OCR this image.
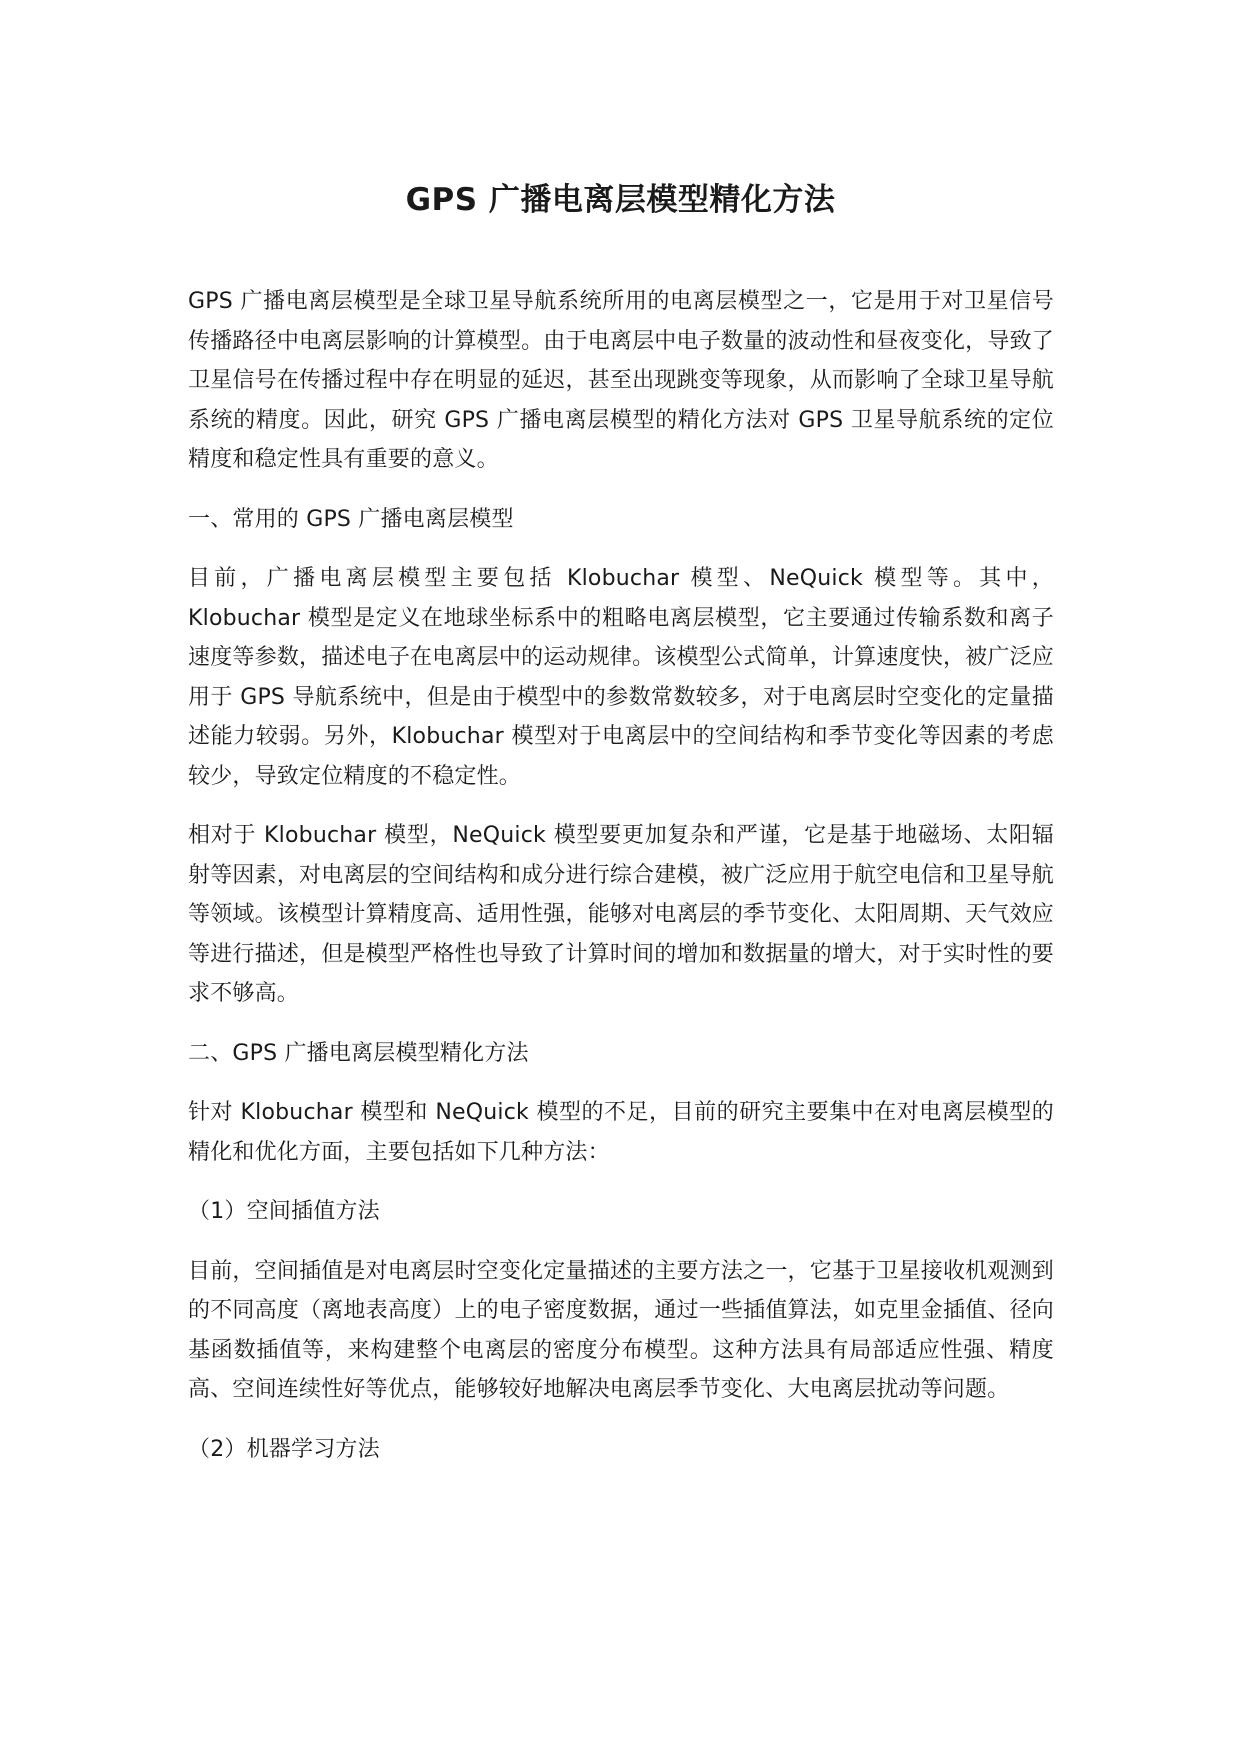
GPS 广播电离层模型精化方法

GPS 广播电离层模型是全球卫星导航系统所用的电离层模型之一，它是用于对卫星信号传播路径中电离层影响的计算模型。由于电离层中电子数量的波动性和昼夜变化，导致了卫星信号在传播过程中存在明显的延迟，甚至出现跳变等现象，从而影响了全球卫星导航系统的精度。因此，研究 GPS 广播电离层模型的精化方法对 GPS 卫星导航系统的定位精度和稳定性具有重要的意义。

一、常用的 GPS 广播电离层模型

目前，广播电离层模型主要包括 Klobuchar 模型、NeQuick 模型等。其中，Klobuchar 模型是定义在地球坐标系中的粗略电离层模型，它主要通过传输系数和离子速度等参数，描述电子在电离层中的运动规律。该模型公式简单，计算速度快，被广泛应用于 GPS 导航系统中，但是由于模型中的参数常数较多，对于电离层时空变化的定量描述能力较弱。另外，Klobuchar 模型对于电离层中的空间结构和季节变化等因素的考虑较少，导致定位精度的不稳定性。

相对于 Klobuchar 模型，NeQuick 模型要更加复杂和严谨，它是基于地磁场、太阳辐射等因素，对电离层的空间结构和成分进行综合建模，被广泛应用于航空电信和卫星导航等领域。该模型计算精度高、适用性强，能够对电离层的季节变化、太阳周期、天气效应等进行描述，但是模型严格性也导致了计算时间的增加和数据量的增大，对于实时性的要求不够高。

二、GPS 广播电离层模型精化方法

针对 Klobuchar 模型和 NeQuick 模型的不足，目前的研究主要集中在对电离层模型的精化和优化方面，主要包括如下几种方法：

（1）空间插值方法

目前，空间插值是对电离层时空变化定量描述的主要方法之一，它基于卫星接收机观测到的不同高度（离地表高度）上的电子密度数据，通过一些插值算法，如克里金插值、径向基函数插值等，来构建整个电离层的密度分布模型。这种方法具有局部适应性强、精度高、空间连续性好等优点，能够较好地解决电离层季节变化、大电离层扰动等问题。

（2）机器学习方法
